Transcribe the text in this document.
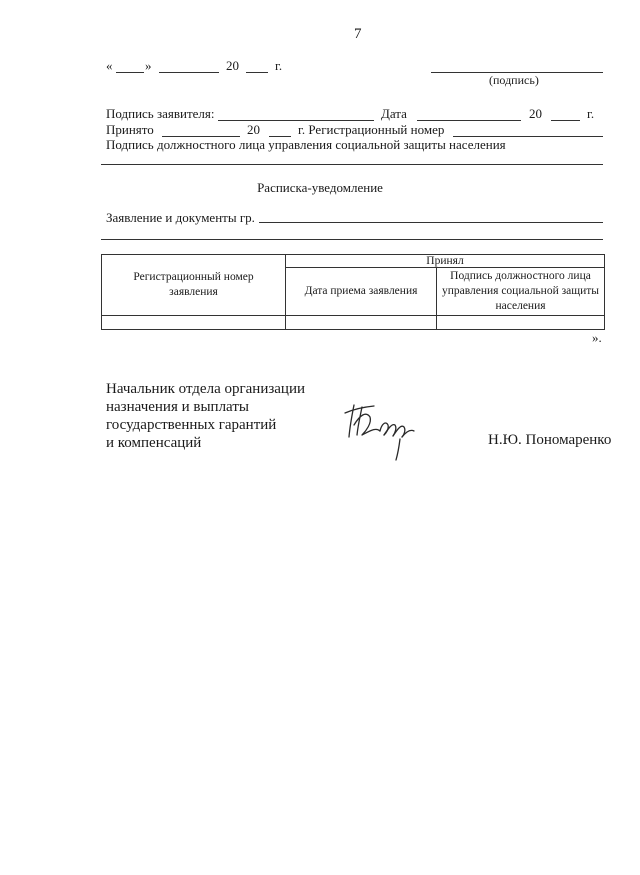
7
«	»	20	г.
(подпись)
Подпись заявителя:	Дата	20	г.
Принято	20	г. Регистрационный номер
Подпись должностного лица управления социальной защиты населения
Расписка-уведомление
Заявление и документы гр.
Регистрационный номер заявления	Принял	
	Дата приема заявления	Подпись должностного лица управления социальной защиты населения

».
Начальник отдела организации
назначения и выплаты
государственных гарантий
и компенсаций	Н.Ю. Пономаренко
